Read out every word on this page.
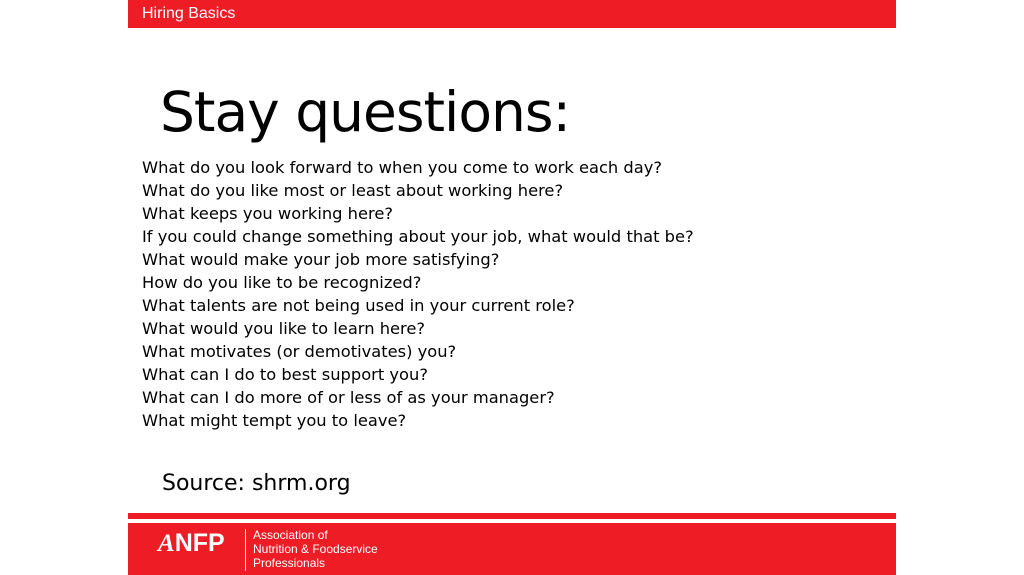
Hiring Basics
Stay questions:
What do you look forward to when you come to work each day?
What do you like most or least about working here?
What keeps you working here?
If you could change something about your job, what would that be?
What would make your job more satisfying?
How do you like to be recognized?
What talents are not being used in your current role?
What would you like to learn here?
What motivates (or demotivates) you?
What can I do to best support you?
What can I do more of or less of as your manager?
What might tempt you to leave?
Source: shrm.org
ANFP Association of
Nutrition & Foodservice
Professionals
